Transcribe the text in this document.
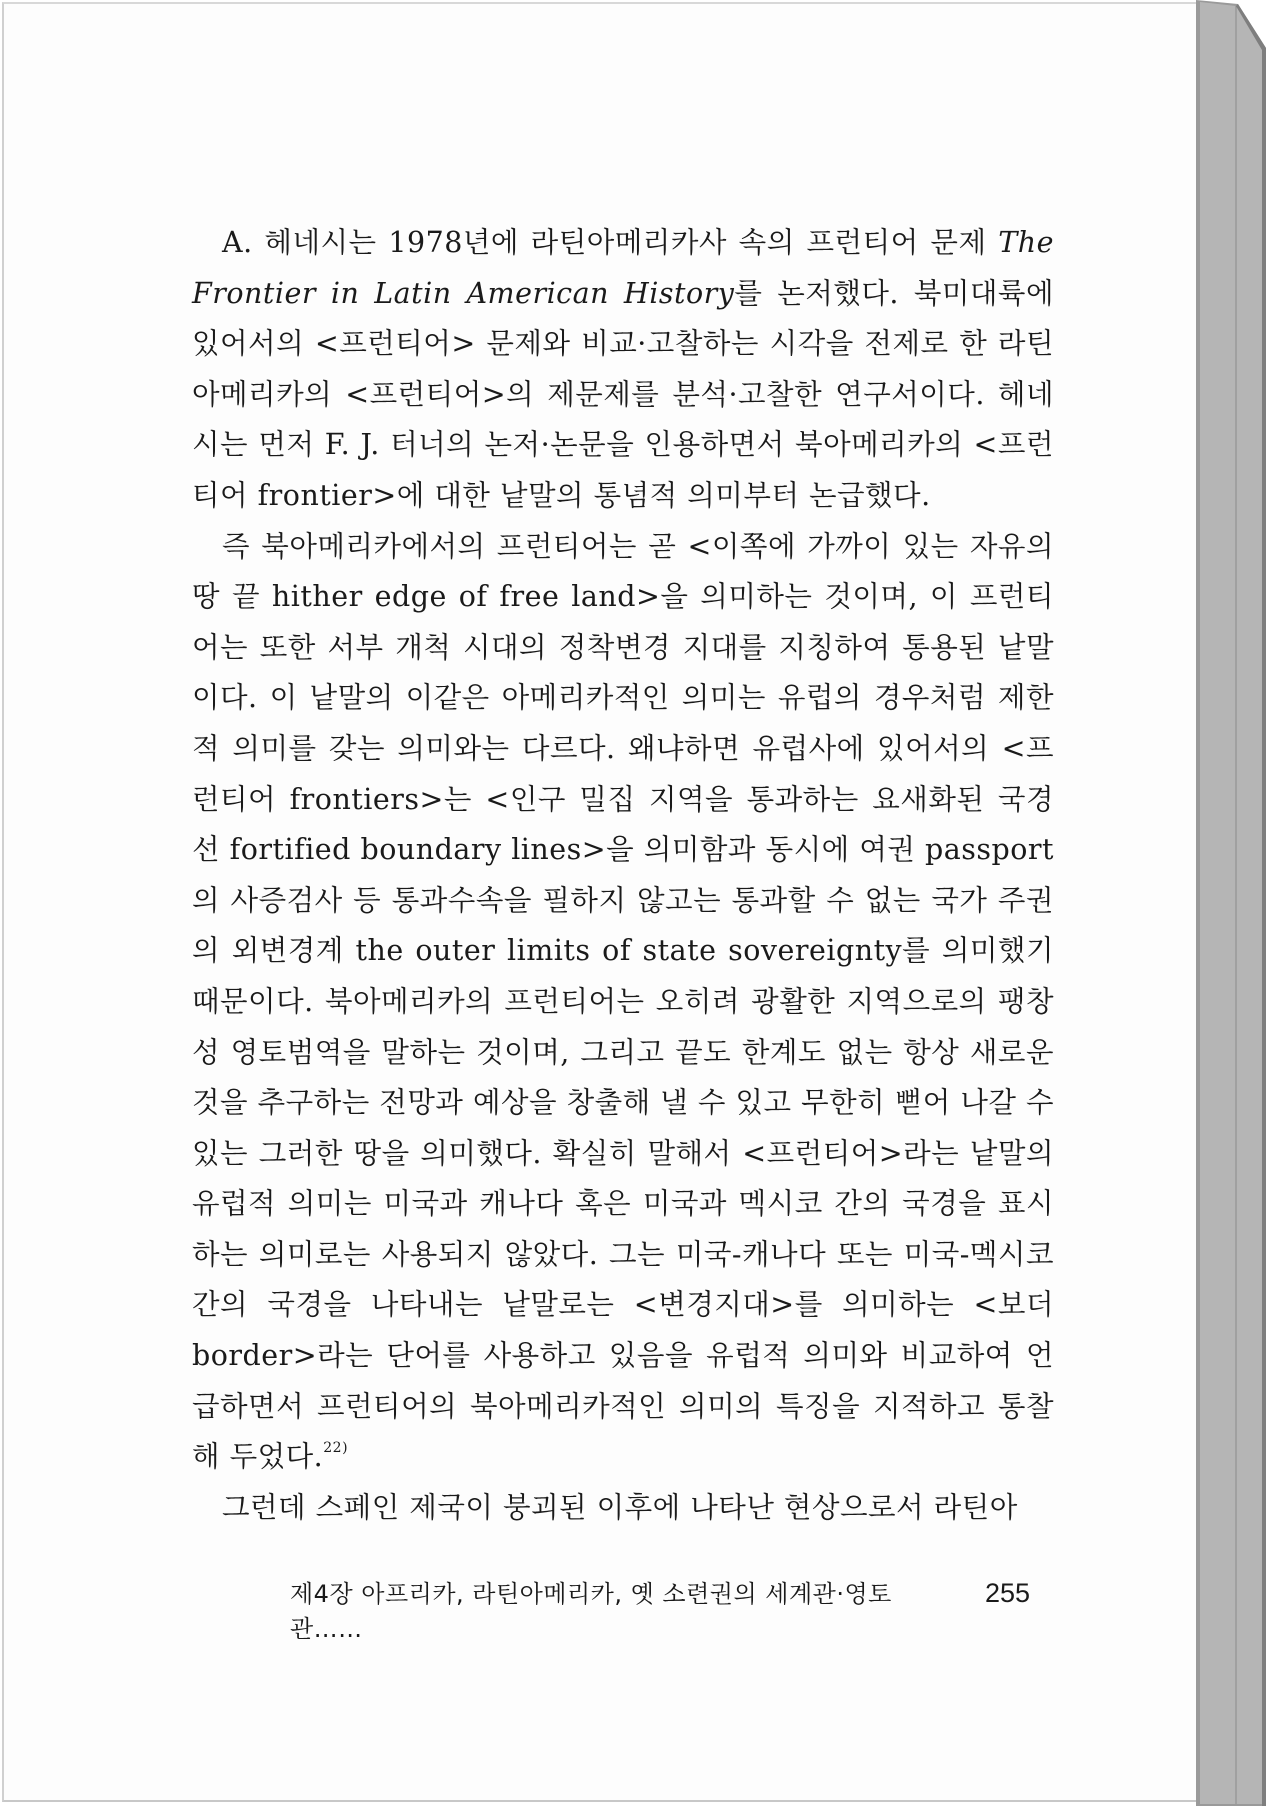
A. 헤네시는 1978년에 라틴아메리카사 속의 프런티어 문제 The Frontier in Latin American History를 논저했다. 북미대륙에 있어서의 <프런티어> 문제와 비교·고찰하는 시각을 전제로 한 라틴아메리카의 <프런티어>의 제문제를 분석·고찰한 연구서이다. 헤네시는 먼저 F. J. 터너의 논저·논문을 인용하면서 북아메리카의 <프런티어 frontier>에 대한 낱말의 통념적 의미부터 논급했다.

즉 북아메리카에서의 프런티어는 곧 <이쪽에 가까이 있는 자유의 땅 끝 hither edge of free land>을 의미하는 것이며, 이 프런티어는 또한 서부 개척 시대의 정착변경 지대를 지칭하여 통용된 낱말이다. 이 낱말의 이같은 아메리카적인 의미는 유럽의 경우처럼 제한적 의미를 갖는 의미와는 다르다. 왜냐하면 유럽사에 있어서의 <프런티어 frontiers>는 <인구 밀집 지역을 통과하는 요새화된 국경선 fortified boundary lines>을 의미함과 동시에 여권 passport의 사증검사 등 통과수속을 필하지 않고는 통과할 수 없는 국가 주권의 외변경계 the outer limits of state sovereignty를 의미했기 때문이다. 북아메리카의 프런티어는 오히려 광활한 지역으로의 팽창성 영토범역을 말하는 것이며, 그리고 끝도 한계도 없는 항상 새로운 것을 추구하는 전망과 예상을 창출해 낼 수 있고 무한히 뻗어 나갈 수 있는 그러한 땅을 의미했다. 확실히 말해서 <프런티어>라는 낱말의 유럽적 의미는 미국과 캐나다 혹은 미국과 멕시코 간의 국경을 표시하는 의미로는 사용되지 않았다. 그는 미국-캐나다 또는 미국-멕시코 간의 국경을 나타내는 낱말로는 <변경지대>를 의미하는 <보더 border>라는 단어를 사용하고 있음을 유럽적 의미와 비교하여 언급하면서 프런티어의 북아메리카적인 의미의 특징을 지적하고 통찰해 두었다.$^{22)}$

그런데 스페인 제국이 붕괴된 이후에 나타난 현상으로서 라틴아

제4장 아프리카, 라틴아메리카, 옛 소련권의 세계관·영토관……
255
